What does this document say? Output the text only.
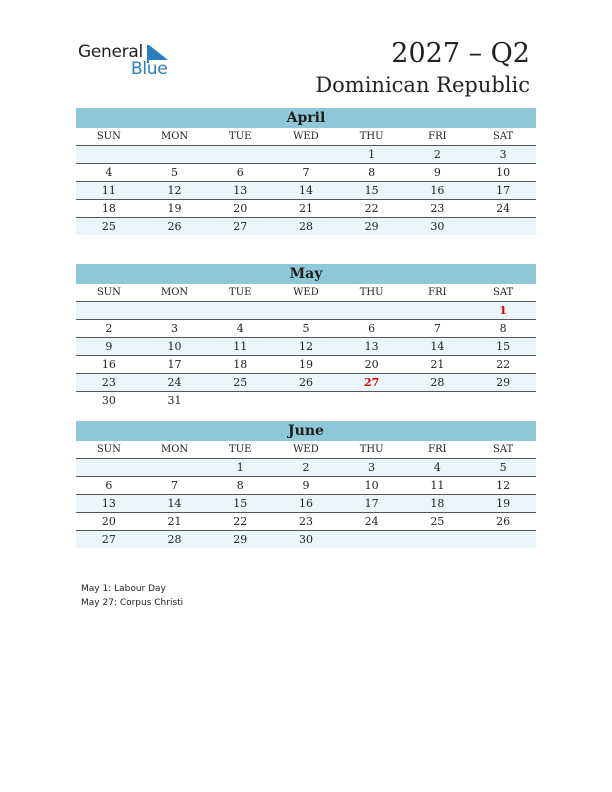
General
Blue	2027 – Q2
Dominican Republic
April
SUN	MON	TUE	WED	THU	FRI	SAT
				1	2	3
4	5	6	7	8	9	10
11	12	13	14	15	16	17
18	19	20	21	22	23	24
25	26	27	28	29	30	
May
SUN	MON	TUE	WED	THU	FRI	SAT
						1
2	3	4	5	6	7	8
9	10	11	12	13	14	15
16	17	18	19	20	21	22
23	24	25	26	27	28	29
30	31					
June
SUN	MON	TUE	WED	THU	FRI	SAT
		1	2	3	4	5
6	7	8	9	10	11	12
13	14	15	16	17	18	19
20	21	22	23	24	25	26
27	28	29	30			
May 1: Labour Day
May 27: Corpus Christi
